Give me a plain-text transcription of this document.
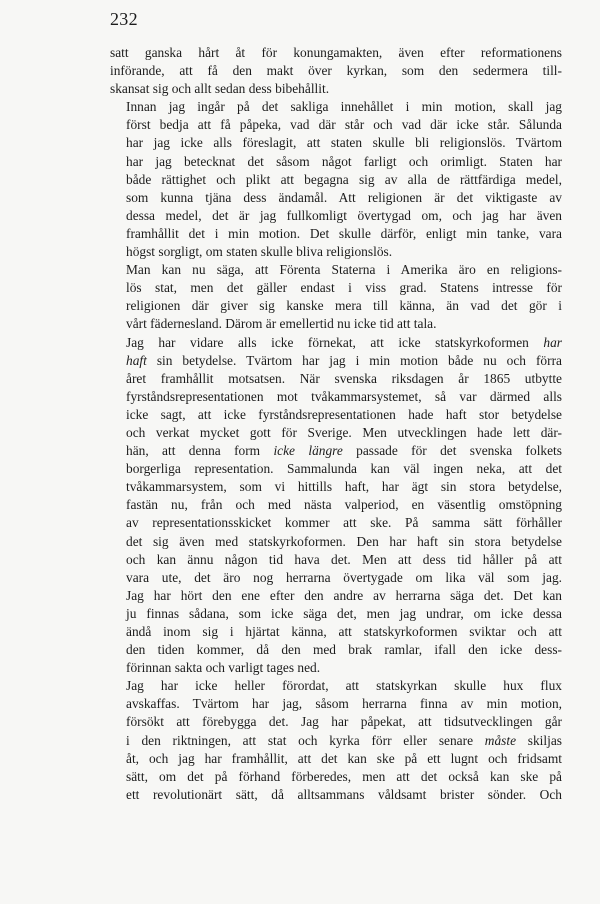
232

satt ganska hårt åt för konungamakten, även efter reformationens
införande, att få den makt över kyrkan, som den sedermera till-
skansat sig och allt sedan dess bibehållit.

Innan jag ingår på det sakliga innehållet i min motion, skall jag
först bedja att få påpeka, vad där står och vad där icke står. Sålunda
har jag icke alls föreslagit, att staten skulle bli religionslös. Tvärtom
har jag betecknat det såsom något farligt och orimligt. Staten har
både rättighet och plikt att begagna sig av alla de rättfärdiga medel,
som kunna tjäna dess ändamål. Att religionen är det viktigaste av
dessa medel, det är jag fullkomligt övertygad om, och jag har även
framhållit det i min motion. Det skulle därför, enligt min tanke, vara
högst sorgligt, om staten skulle bliva religionslös.

Man kan nu säga, att Förenta Staterna i Amerika äro en religions-
lös stat, men det gäller endast i viss grad. Statens intresse för
religionen där giver sig kanske mera till känna, än vad det gör i
vårt fädernesland. Därom är emellertid nu icke tid att tala.

Jag har vidare alls icke förnekat, att icke statskyrkoformen har
haft sin betydelse. Tvärtom har jag i min motion både nu och förra
året framhållit motsatsen. När svenska riksdagen år 1865 utbytte
fyrståndsrepresentationen mot tvåkammarsystemet, så var därmed alls
icke sagt, att icke fyrståndsrepresentationen hade haft stor betydelse
och verkat mycket gott för Sverige. Men utvecklingen hade lett där-
hän, att denna form icke längre passade för det svenska folkets
borgerliga representation. Sammalunda kan väl ingen neka, att det
tvåkammarsystem, som vi hittills haft, har ägt sin stora betydelse,
fastän nu, från och med nästa valperiod, en väsentlig omstöpning
av representationsskicket kommer att ske. På samma sätt förhåller
det sig även med statskyrkoformen. Den har haft sin stora betydelse
och kan ännu någon tid hava det. Men att dess tid håller på att
vara ute, det äro nog herrarna övertygade om lika väl som jag.
Jag har hört den ene efter den andre av herrarna säga det. Det kan
ju finnas sådana, som icke säga det, men jag undrar, om icke dessa
ändå inom sig i hjärtat känna, att statskyrkoformen sviktar och att
den tiden kommer, då den med brak ramlar, ifall den icke dess-
förinnan sakta och varligt tages ned.

Jag har icke heller förordat, att statskyrkan skulle hux flux
avskaffas. Tvärtom har jag, såsom herrarna finna av min motion,
försökt att förebygga det. Jag har påpekat, att tidsutvecklingen går
i den riktningen, att stat och kyrka förr eller senare måste skiljas
åt, och jag har framhållit, att det kan ske på ett lugnt och fridsamt
sätt, om det på förhand förberedes, men att det också kan ske på
ett revolutionärt sätt, då alltsammans våldsamt brister sönder. Och
